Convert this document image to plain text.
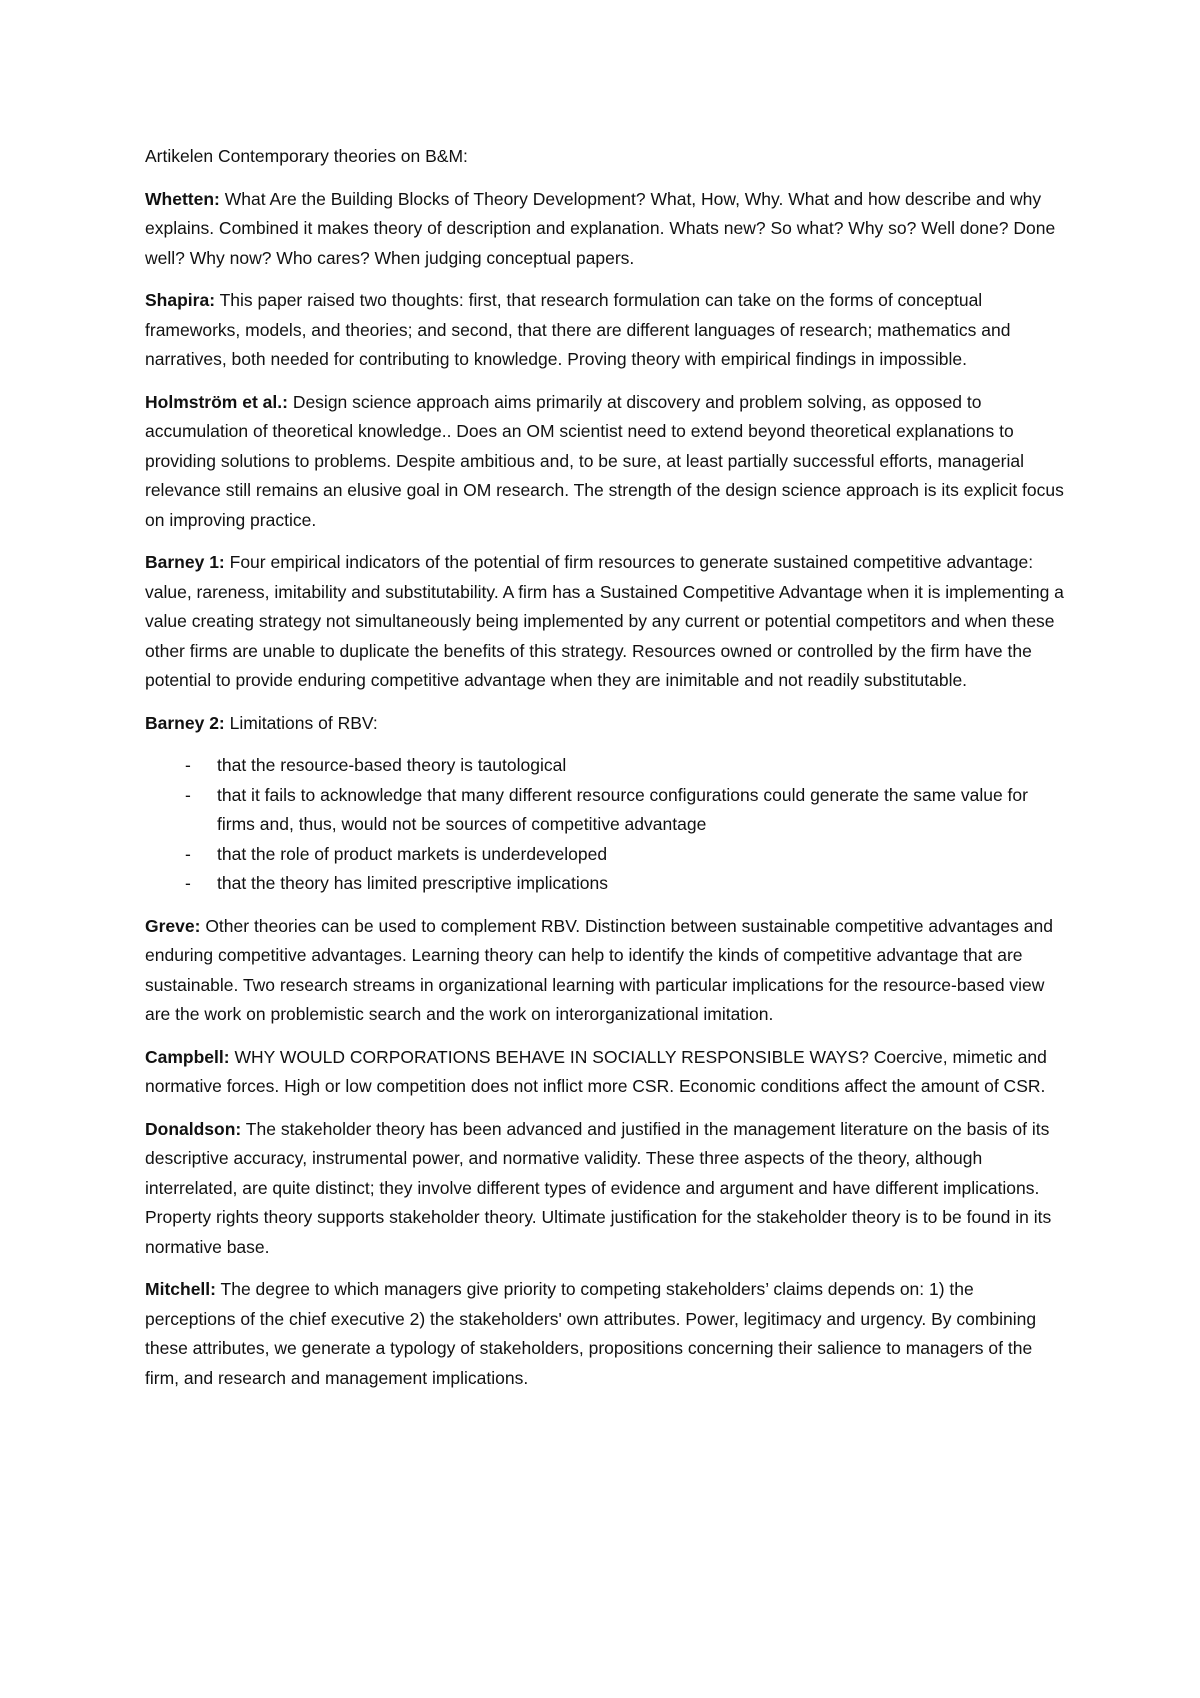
Artikelen Contemporary theories on B&M:

Whetten: What Are the Building Blocks of Theory Development? What, How, Why. What and how describe and why explains. Combined it makes theory of description and explanation. Whats new? So what? Why so? Well done? Done well? Why now? Who cares? When judging conceptual papers.

Shapira: This paper raised two thoughts: first, that research formulation can take on the forms of conceptual frameworks, models, and theories; and second, that there are different languages of research; mathematics and narratives, both needed for contributing to knowledge. Proving theory with empirical findings in impossible.

Holmström et al.: Design science approach aims primarily at discovery and problem solving, as opposed to accumulation of theoretical knowledge.. Does an OM scientist need to extend beyond theoretical explanations to providing solutions to problems. Despite ambitious and, to be sure, at least partially successful efforts, managerial relevance still remains an elusive goal in OM research. The strength of the design science approach is its explicit focus on improving practice.

Barney 1: Four empirical indicators of the potential of firm resources to generate sustained competitive advantage: value, rareness, imitability and substitutability. A firm has a Sustained Competitive Advantage when it is implementing a value creating strategy not simultaneously being implemented by any current or potential competitors and when these other firms are unable to duplicate the benefits of this strategy. Resources owned or controlled by the firm have the potential to provide enduring competitive advantage when they are inimitable and not readily substitutable.

Barney 2: Limitations of RBV:

- that the resource-based theory is tautological
- that it fails to acknowledge that many different resource configurations could generate the same value for firms and, thus, would not be sources of competitive advantage
- that the role of product markets is underdeveloped
- that the theory has limited prescriptive implications

Greve: Other theories can be used to complement RBV. Distinction between sustainable competitive advantages and enduring competitive advantages. Learning theory can help to identify the kinds of competitive advantage that are sustainable. Two research streams in organizational learning with particular implications for the resource-based view are the work on problemistic search and the work on interorganizational imitation.

Campbell: WHY WOULD CORPORATIONS BEHAVE IN SOCIALLY RESPONSIBLE WAYS? Coercive, mimetic and normative forces. High or low competition does not inflict more CSR. Economic conditions affect the amount of CSR.

Donaldson: The stakeholder theory has been advanced and justified in the management literature on the basis of its descriptive accuracy, instrumental power, and normative validity. These three aspects of the theory, although interrelated, are quite distinct; they involve different types of evidence and argument and have different implications. Property rights theory supports stakeholder theory. Ultimate justification for the stakeholder theory is to be found in its normative base.

Mitchell: The degree to which managers give priority to competing stakeholders’ claims depends on: 1) the perceptions of the chief executive 2) the stakeholders' own attributes. Power, legitimacy and urgency. By combining these attributes, we generate a typology of stakeholders, propositions concerning their salience to managers of the firm, and research and management implications.
